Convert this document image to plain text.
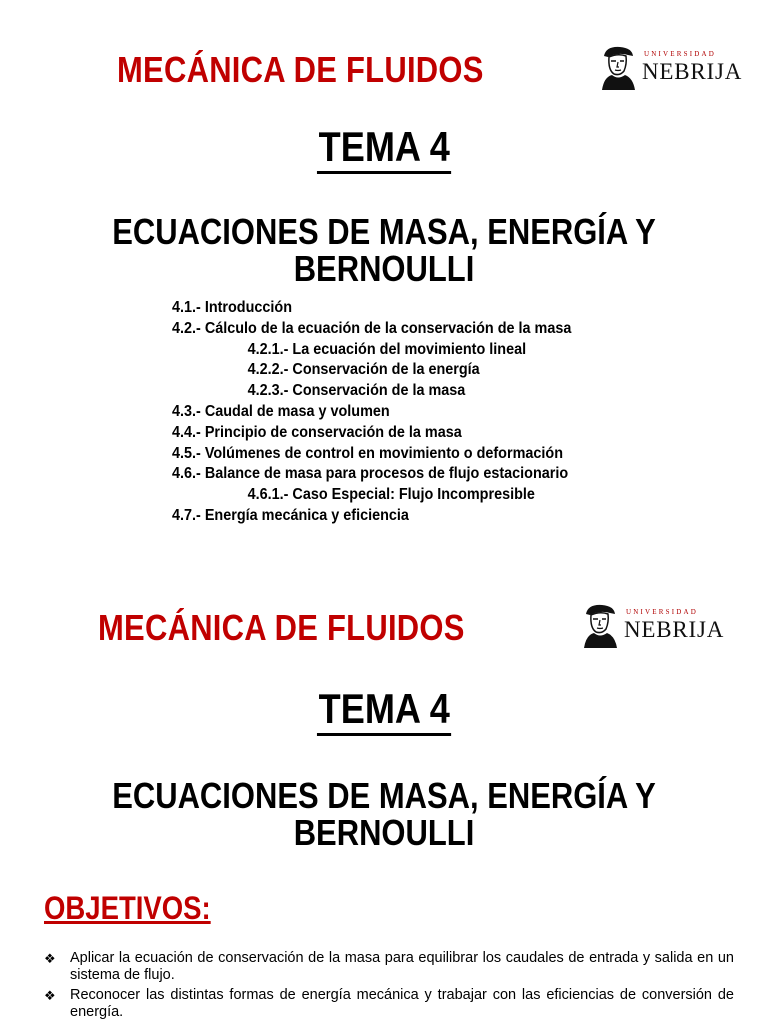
MECÁNICA DE FLUIDOS	UNIVERSIDAD
NEBRIJA
TEMA 4
ECUACIONES DE MASA, ENERGÍA Y
BERNOULLI
4.1.- Introducción
4.2.- Cálculo de la ecuación de la conservación de la masa
4.2.1.- La ecuación del movimiento lineal
4.2.2.- Conservación de la energía
4.2.3.- Conservación de la masa
4.3.- Caudal de masa y volumen
4.4.- Principio de conservación de la masa
4.5.- Volúmenes de control en movimiento o deformación
4.6.- Balance de masa para procesos de flujo estacionario
4.6.1.- Caso Especial: Flujo Incompresible
4.7.- Energía mecánica y eficiencia
MECÁNICA DE FLUIDOS	UNIVERSIDAD
NEBRIJA
TEMA 4
ECUACIONES DE MASA, ENERGÍA Y
BERNOULLI
OBJETIVOS:
❖ Aplicar la ecuación de conservación de la masa para equilibrar los caudales de entrada y salida en un sistema de flujo.
❖ Reconocer las distintas formas de energía mecánica y trabajar con las eficiencias de conversión de energía.
